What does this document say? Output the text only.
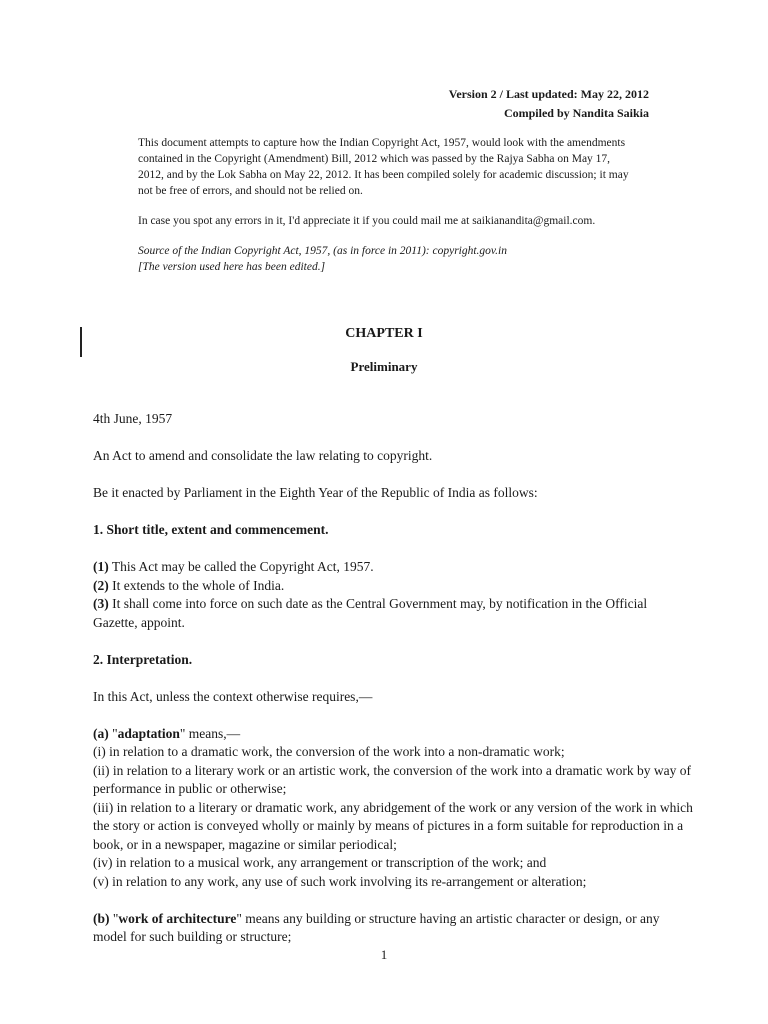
Version 2 / Last updated: May 22, 2012
Compiled by Nandita Saikia

This document attempts to capture how the Indian Copyright Act, 1957, would look with the amendments contained in the Copyright (Amendment) Bill, 2012 which was passed by the Rajya Sabha on May 17, 2012, and by the Lok Sabha on May 22, 2012. It has been compiled solely for academic discussion; it may not be free of errors, and should not be relied on.

In case you spot any errors in it, I'd appreciate it if you could mail me at saikianandita@gmail.com.

Source of the Indian Copyright Act, 1957, (as in force in 2011): copyright.gov.in

[The version used here has been edited.]

CHAPTER I
Preliminary

4th June, 1957

An Act to amend and consolidate the law relating to copyright.

Be it enacted by Parliament in the Eighth Year of the Republic of India as follows:

1. Short title, extent and commencement.

(1) This Act may be called the Copyright Act, 1957.

(2) It extends to the whole of India.

(3) It shall come into force on such date as the Central Government may, by notification in the Official Gazette, appoint.

2. Interpretation.

In this Act, unless the context otherwise requires,—

(a) "adaptation" means,—

(i) in relation to a dramatic work, the conversion of the work into a non-dramatic work;

(ii) in relation to a literary work or an artistic work, the conversion of the work into a dramatic work by way of performance in public or otherwise;

(iii) in relation to a literary or dramatic work, any abridgement of the work or any version of the work in which the story or action is conveyed wholly or mainly by means of pictures in a form suitable for reproduction in a book, or in a newspaper, magazine or similar periodical;

(iv) in relation to a musical work, any arrangement or transcription of the work; and

(v) in relation to any work, any use of such work involving its re-arrangement or alteration;

(b) "work of architecture" means any building or structure having an artistic character or design, or any model for such building or structure;

1
